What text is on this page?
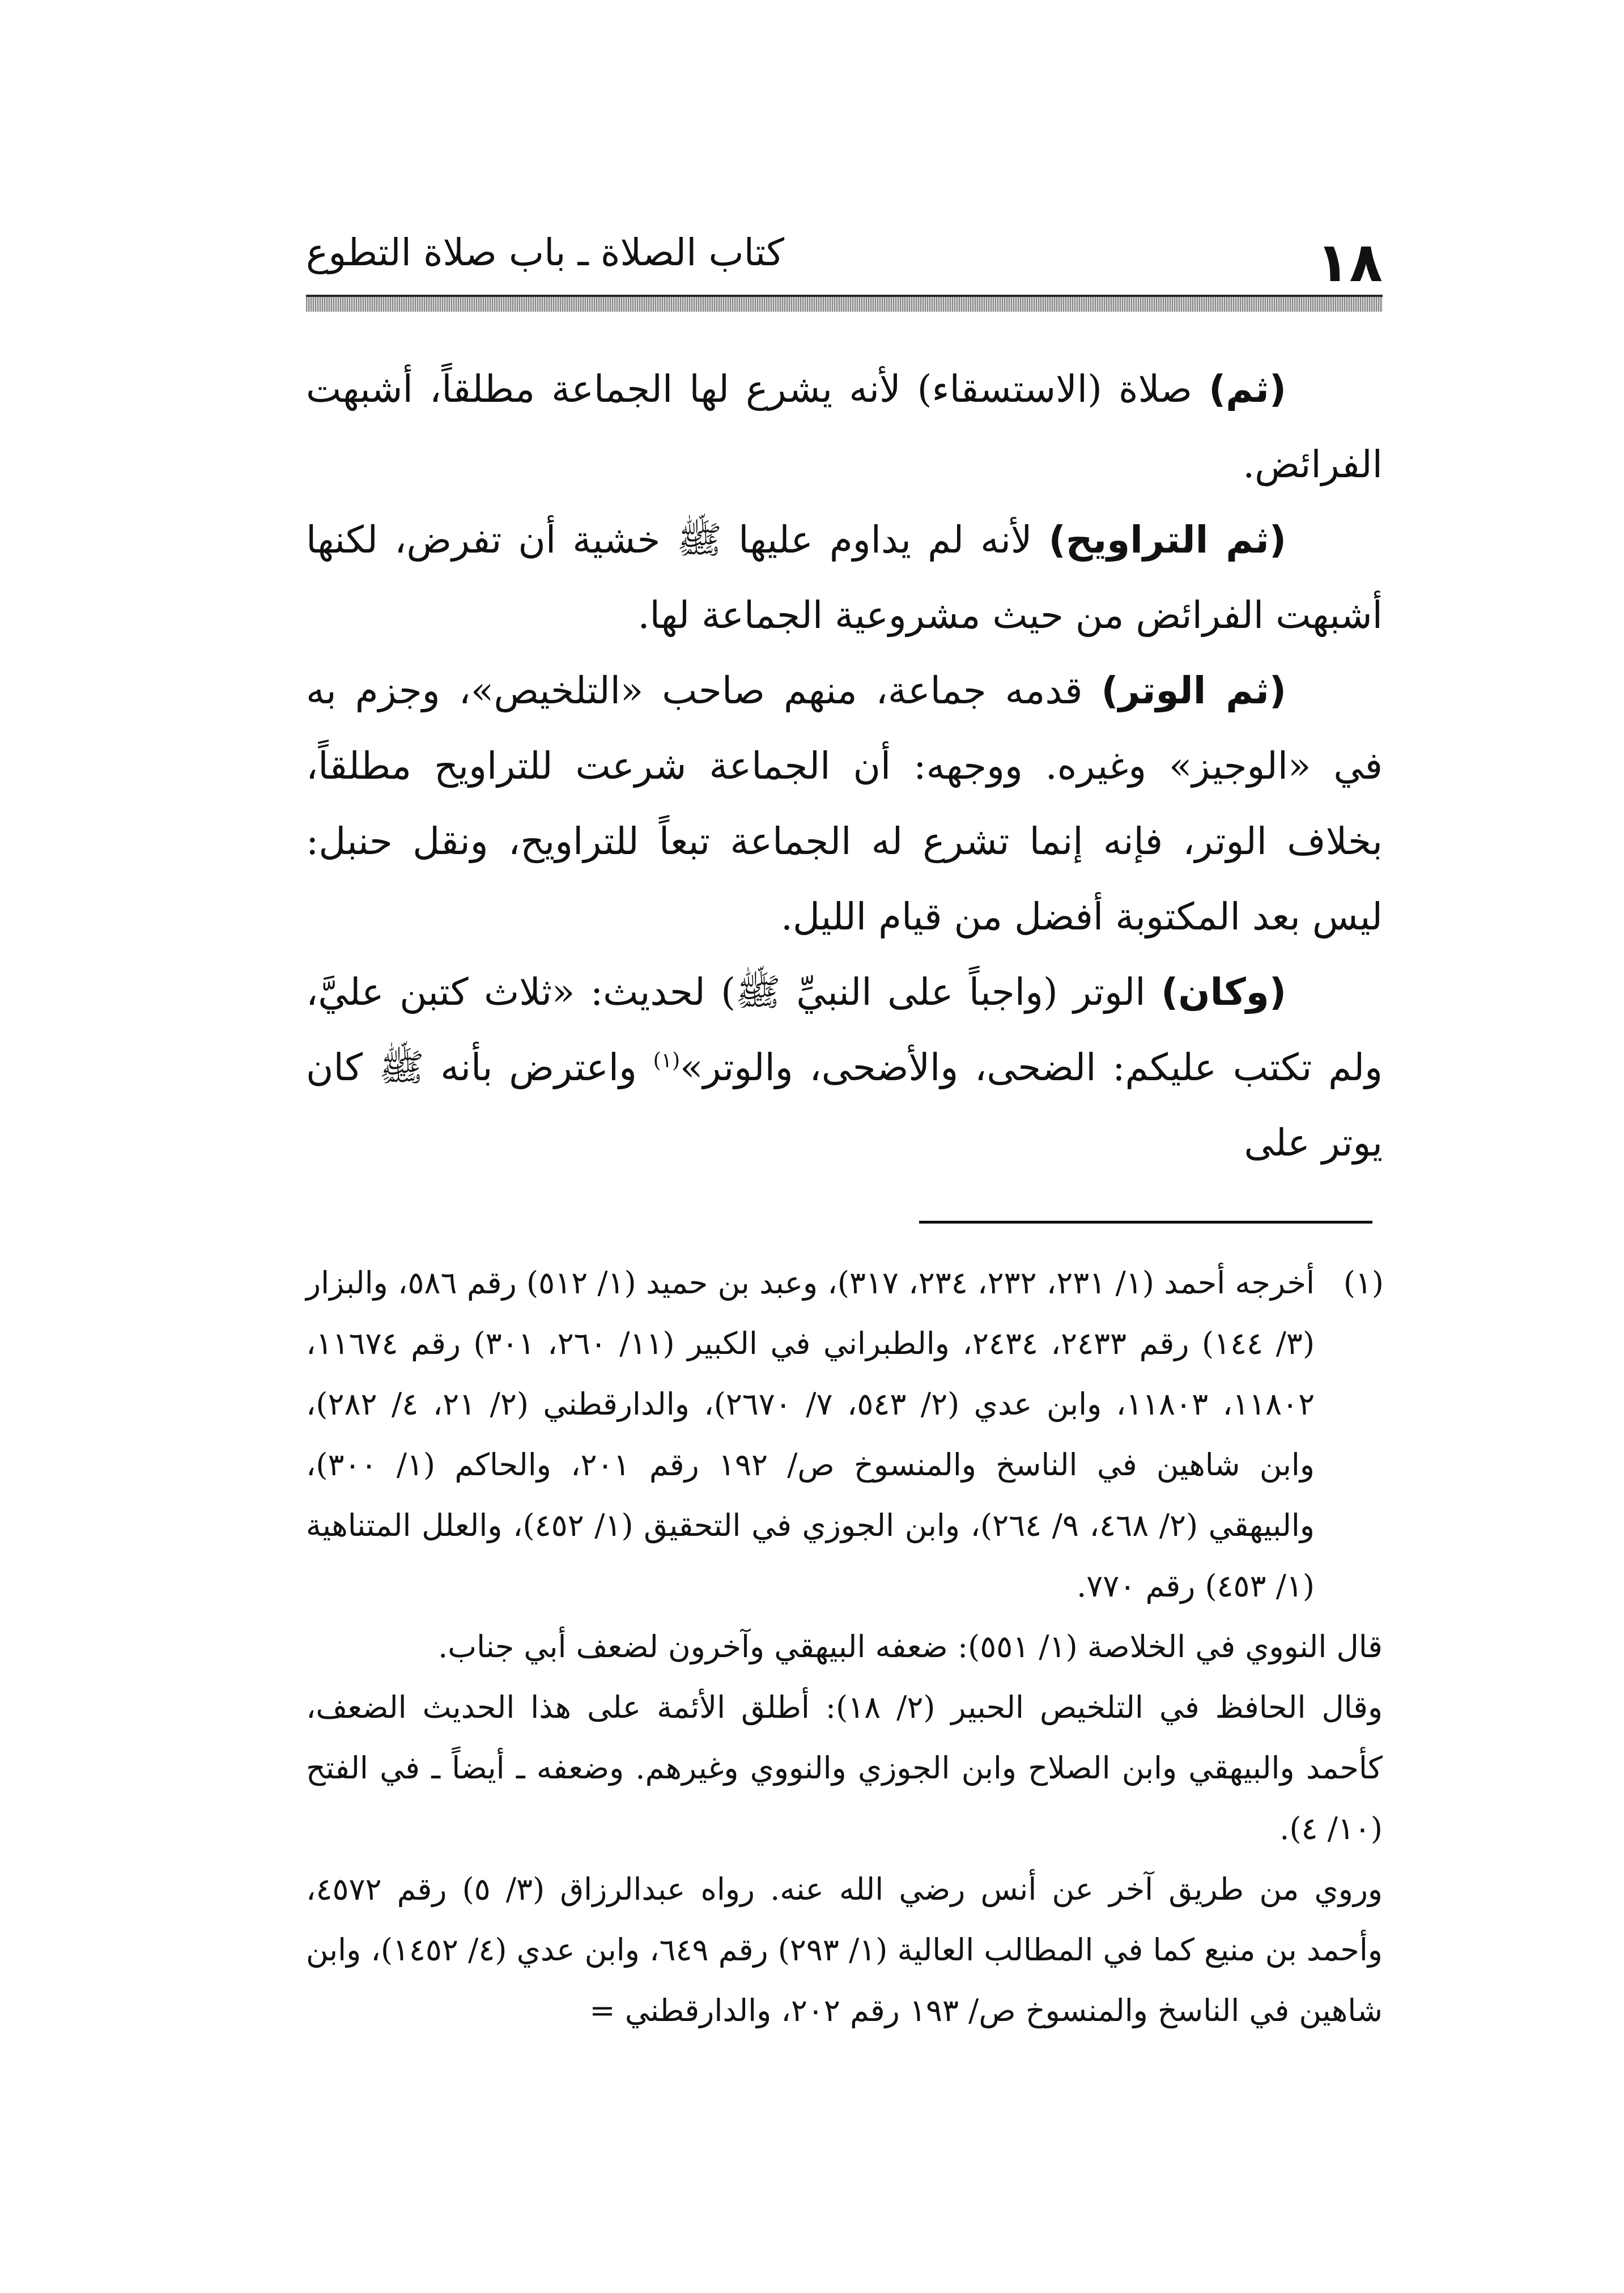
١٨
كتاب الصلاة ـ باب صلاة التطوع

(ثم) صلاة (الاستسقاء) لأنه يشرع لها الجماعة مطلقاً، أشبهت الفرائض.

(ثم التراويح) لأنه لم يداوم عليها ﷺ خشية أن تفرض، لكنها أشبهت الفرائض من حيث مشروعية الجماعة لها.

(ثم الوتر) قدمه جماعة، منهم صاحب «التلخيص»، وجزم به في «الوجيز» وغيره. ووجهه: أن الجماعة شرعت للتراويح مطلقاً، بخلاف الوتر، فإنه إنما تشرع له الجماعة تبعاً للتراويح، ونقل حنبل: ليس بعد المكتوبة أفضل من قيام الليل.

(وكان) الوتر (واجباً على النبيِّ ﷺ) لحديث: «ثلاث كتبن عليَّ، ولم تكتب عليكم: الضحى، والأضحى، والوتر»$^{(١)}$ واعترض بأنه ﷺ كان يوتر على

(١)

أخرجه أحمد (١/ ٢٣١، ٢٣٢، ٢٣٤، ٣١٧)، وعبد بن حميد (١/ ٥١٢) رقم ٥٨٦، والبزار (٣/ ١٤٤) رقم ٢٤٣٣، ٢٤٣٤، والطبراني في الكبير (١١/ ٢٦٠، ٣٠١) رقم ١١٦٧٤، ١١٨٠٢، ١١٨٠٣، وابن عدي (٢/ ٥٤٣، ٧/ ٢٦٧٠)، والدارقطني (٢/ ٢١، ٤/ ٢٨٢)، وابن شاهين في الناسخ والمنسوخ ص/ ١٩٢ رقم ٢٠١، والحاكم (١/ ٣٠٠)، والبيهقي (٢/ ٤٦٨، ٩/ ٢٦٤)، وابن الجوزي في التحقيق (١/ ٤٥٢)، والعلل المتناهية (١/ ٤٥٣) رقم ٧٧٠.

قال النووي في الخلاصة (١/ ٥٥١): ضعفه البيهقي وآخرون لضعف أبي جناب.

وقال الحافظ في التلخيص الحبير (٢/ ١٨): أطلق الأئمة على هذا الحديث الضعف، كأحمد والبيهقي وابن الصلاح وابن الجوزي والنووي وغيرهم. وضعفه ـ أيضاً ـ في الفتح (١٠/ ٤).

وروي من طريق آخر عن أنس رضي الله عنه. رواه عبدالرزاق (٣/ ٥) رقم ٤٥٧٢، وأحمد بن منيع كما في المطالب العالية (١/ ٢٩٣) رقم ٦٤٩، وابن عدي (٤/ ١٤٥٢)، وابن شاهين في الناسخ والمنسوخ ص/ ١٩٣ رقم ٢٠٢، والدارقطني =
